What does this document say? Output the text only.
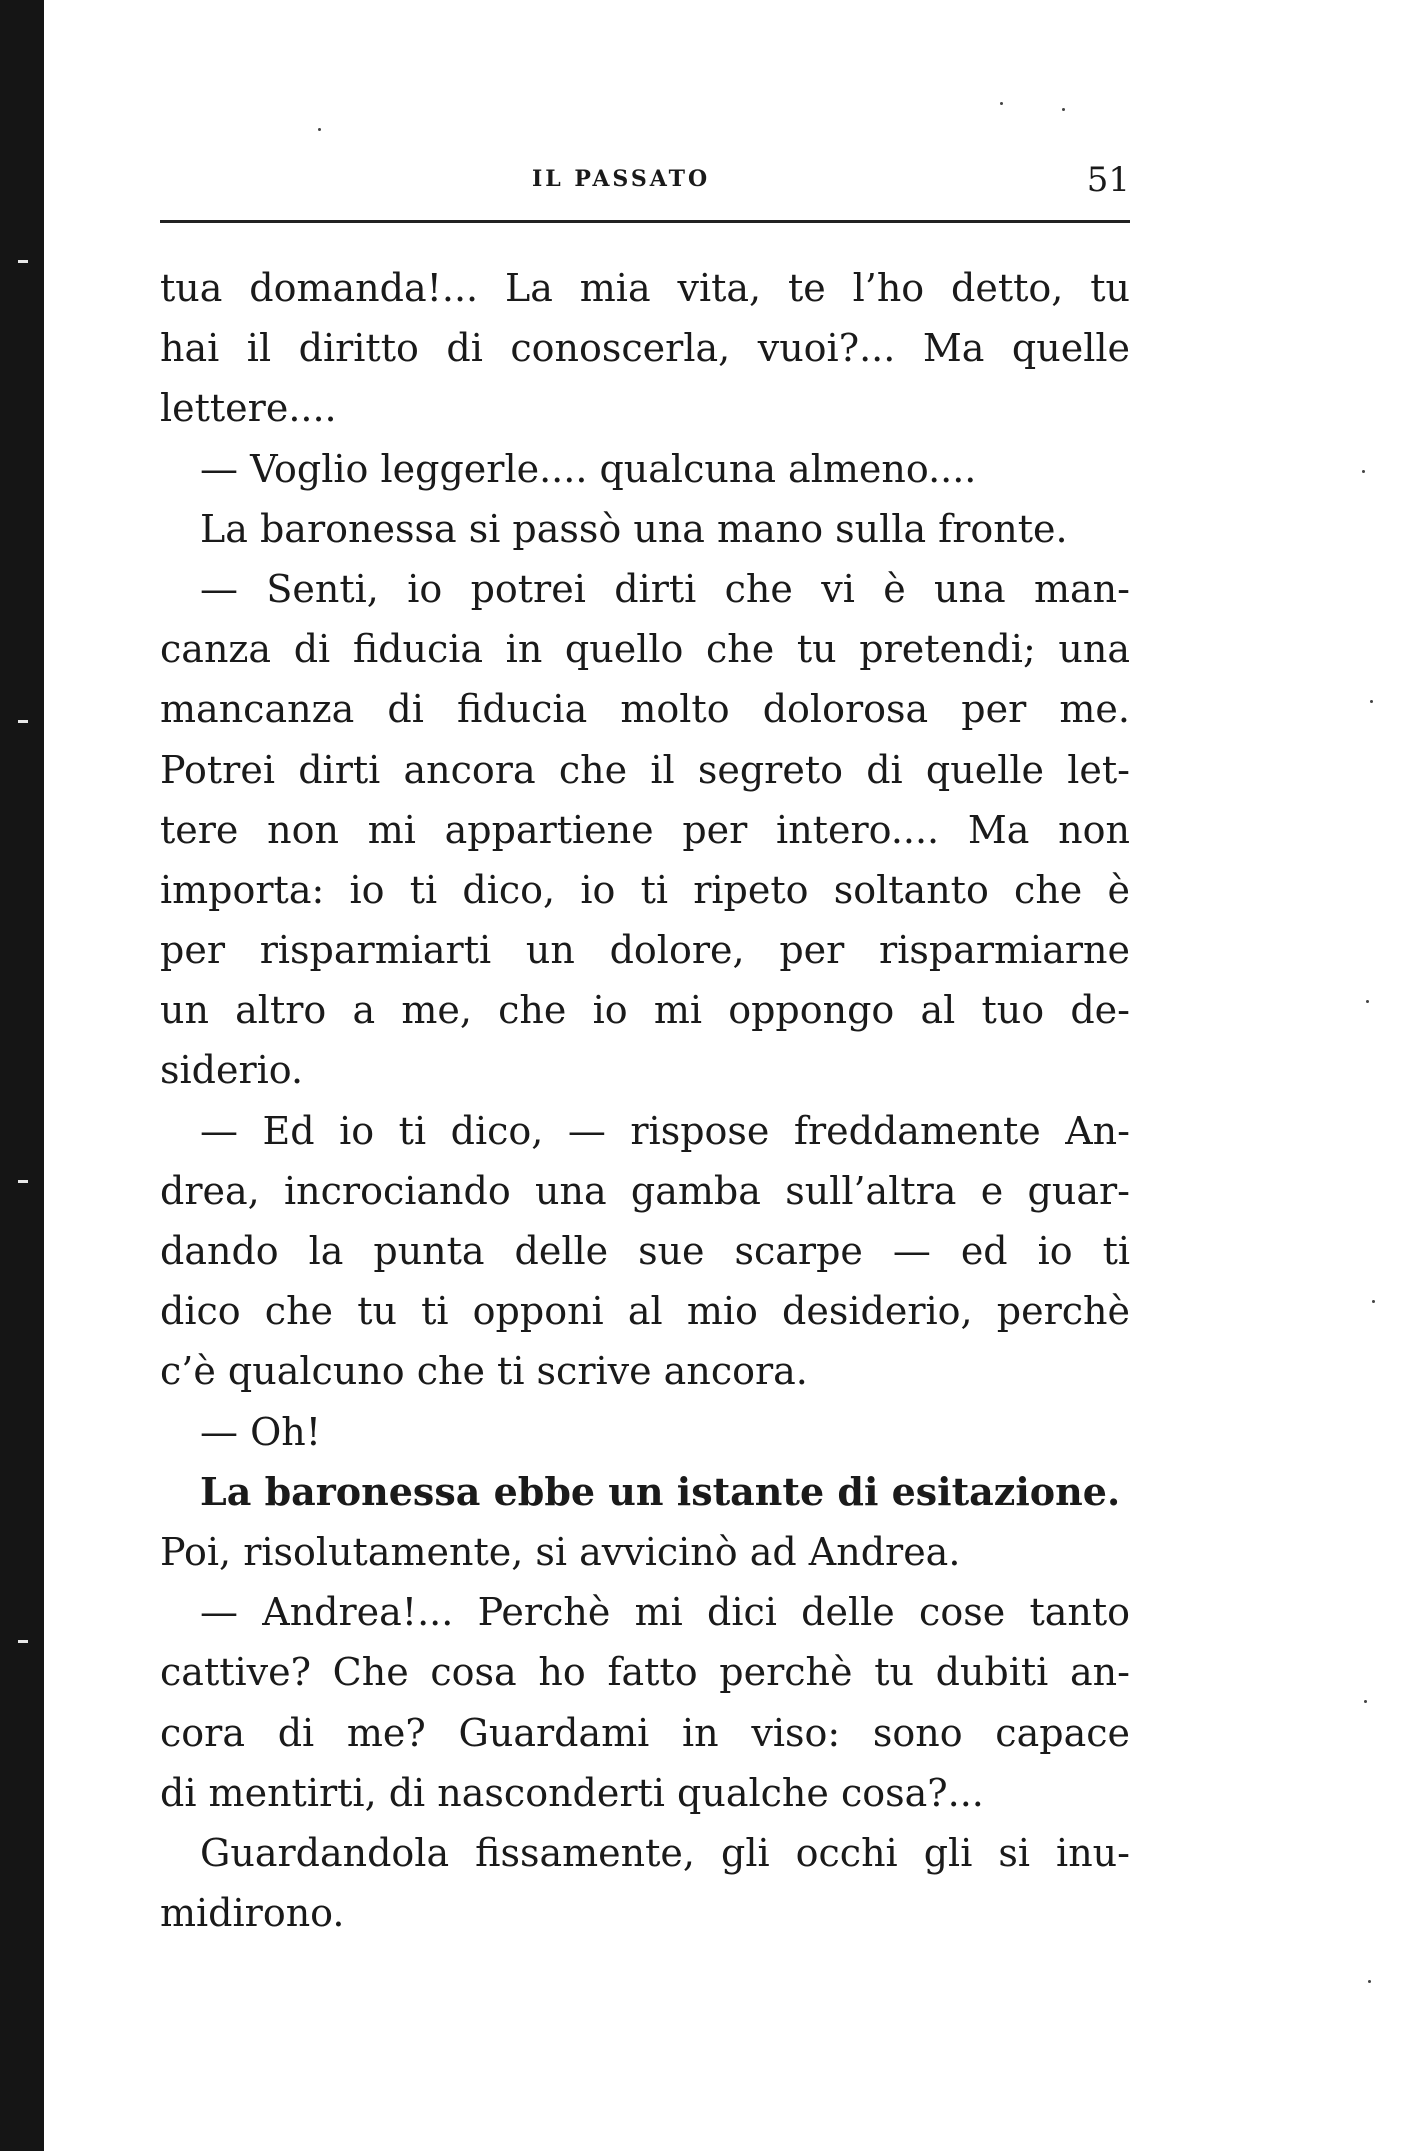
IL PASSATO	51
tua domanda!... La mia vita, te l’ho detto, tu
hai il diritto di conoscerla, vuoi?... Ma quelle
lettere....
— Voglio leggerle.... qualcuna almeno....
La baronessa si passò una mano sulla fronte.
— Senti, io potrei dirti che vi è una man-
canza di fiducia in quello che tu pretendi; una
mancanza di fiducia molto dolorosa per me.
Potrei dirti ancora che il segreto di quelle let-
tere non mi appartiene per intero.... Ma non
importa: io ti dico, io ti ripeto soltanto che è
per risparmiarti un dolore, per risparmiarne
un altro a me, che io mi oppongo al tuo de-
siderio.
— Ed io ti dico, — rispose freddamente An-
drea, incrociando una gamba sull’altra e guar-
dando la punta delle sue scarpe — ed io ti
dico che tu ti opponi al mio desiderio, perchè
c’è qualcuno che ti scrive ancora.
— Oh!
La baronessa ebbe un istante di esitazione.
Poi, risolutamente, si avvicinò ad Andrea.
— Andrea!... Perchè mi dici delle cose tanto
cattive? Che cosa ho fatto perchè tu dubiti an-
cora di me? Guardami in viso: sono capace
di mentirti, di nasconderti qualche cosa?...
Guardandola fissamente, gli occhi gli si inu-
midirono.
